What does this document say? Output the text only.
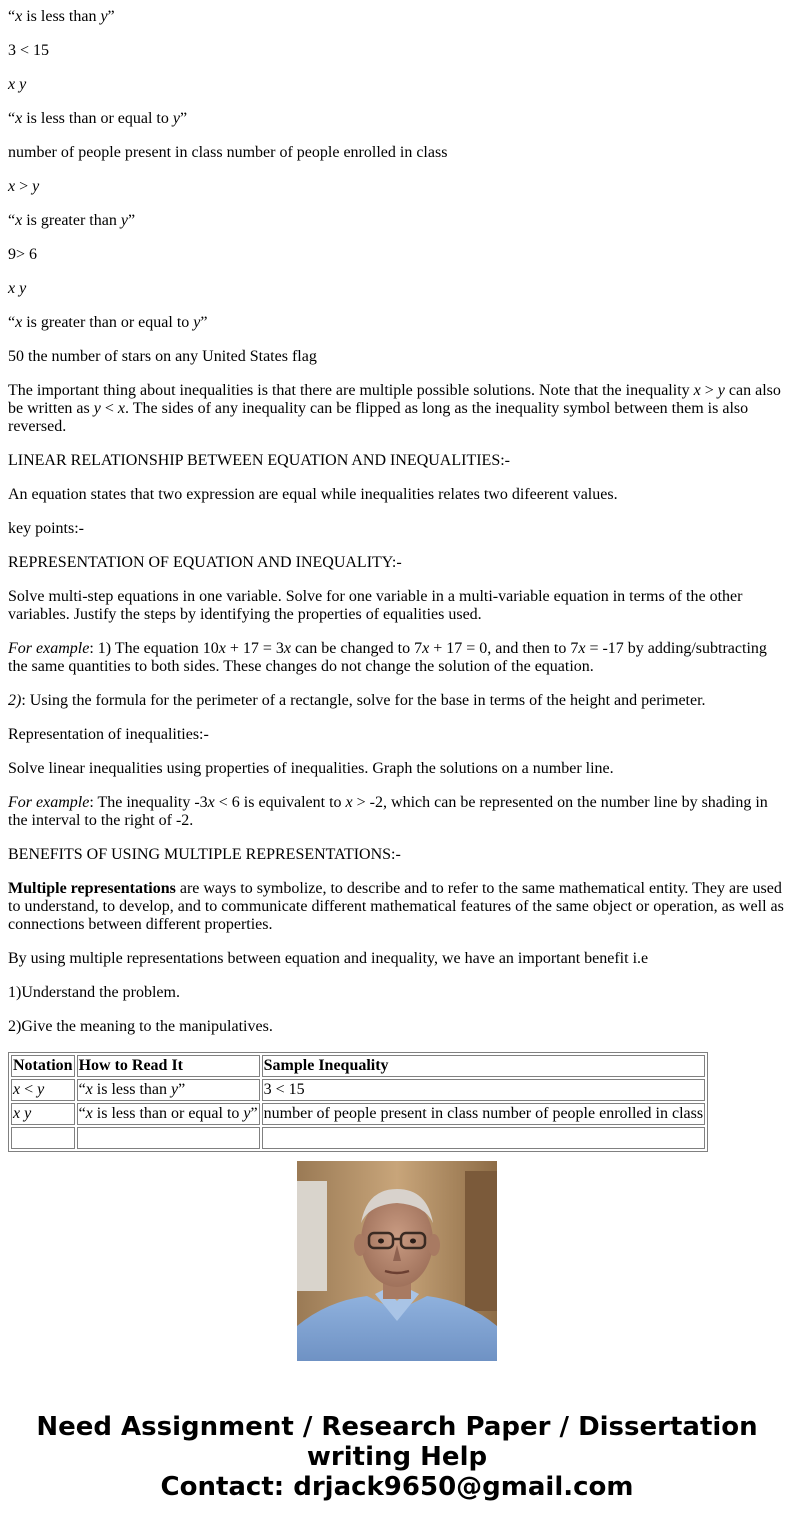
“x is less than y”

3 < 15

x y

“x is less than or equal to y”

number of people present in class number of people enrolled in class

x > y

“x is greater than y”

9> 6

x y

“x is greater than or equal to y”

50 the number of stars on any United States flag

The important thing about inequalities is that there are multiple possible solutions. Note that the inequality x > y can also be written as y < x. The sides of any inequality can be flipped as long as the inequality symbol between them is also reversed.

LINEAR RELATIONSHIP BETWEEN EQUATION AND INEQUALITIES:-

An equation states that two expression are equal while inequalities relates two difeerent values.

key points:-

REPRESENTATION OF EQUATION AND INEQUALITY:-

Solve multi-step equations in one variable. Solve for one variable in a multi-variable equation in terms of the other variables. Justify the steps by identifying the properties of equalities used.

For example: 1) The equation 10x + 17 = 3x can be changed to 7x + 17 = 0, and then to 7x = -17 by adding/subtracting the same quantities to both sides. These changes do not change the solution of the equation.

2): Using the formula for the perimeter of a rectangle, solve for the base in terms of the height and perimeter.

Representation of inequalities:-

Solve linear inequalities using properties of inequalities. Graph the solutions on a number line.

For example: The inequality -3x < 6 is equivalent to x > -2, which can be represented on the number line by shading in the interval to the right of -2.

BENEFITS OF USING MULTIPLE REPRESENTATIONS:-

Multiple representations are ways to symbolize, to describe and to refer to the same mathematical entity. They are used to understand, to develop, and to communicate different mathematical features of the same object or operation, as well as connections between different properties.

By using multiple representations between equation and inequality, we have an important benefit i.e

1)Understand the problem.

2)Give the meaning to the manipulatives.

Notation	How to Read It	Sample Inequality
x < y	“x is less than y”	3 < 15
x y	“x is less than or equal to y”	number of people present in class number of people enrolled in class

Need Assignment / Research Paper / Dissertation
writing Help
Contact: drjack9650@gmail.com
